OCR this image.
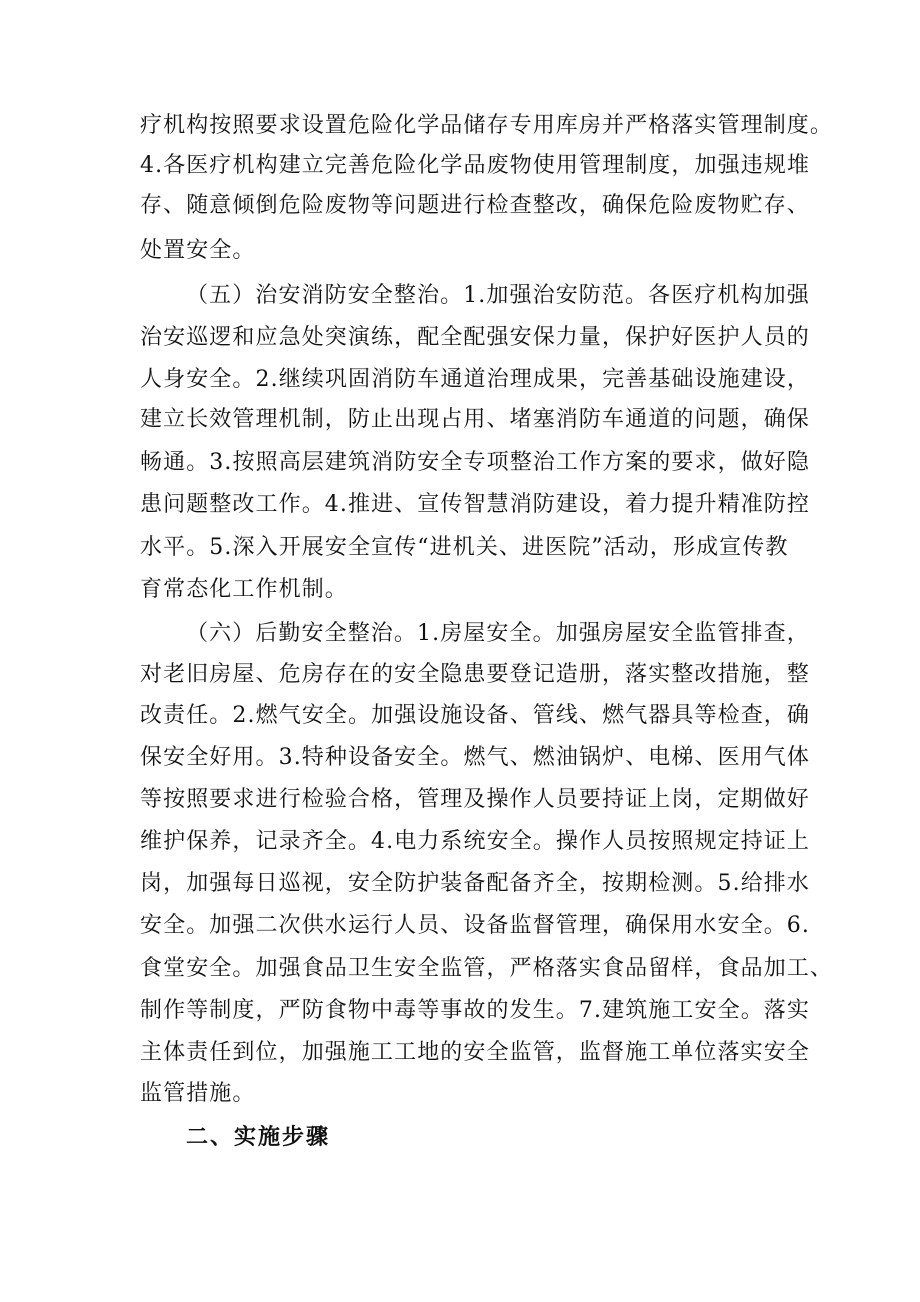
疗机构按照要求设置危险化学品储存专用库房并严格落实管理制度。

4.各医疗机构建立完善危险化学品废物使用管理制度，加强违规堆

存、随意倾倒危险废物等问题进行检查整改，确保危险废物贮存、

处置安全。

（五）治安消防安全整治。1.加强治安防范。各医疗机构加强

治安巡逻和应急处突演练，配全配强安保力量，保护好医护人员的

人身安全。2.继续巩固消防车通道治理成果，完善基础设施建设，

建立长效管理机制，防止出现占用、堵塞消防车通道的问题，确保

畅通。3.按照高层建筑消防安全专项整治工作方案的要求，做好隐

患问题整改工作。4.推进、宣传智慧消防建设，着力提升精准防控

水平。5.深入开展安全宣传“进机关、进医院”活动，形成宣传教

育常态化工作机制。

（六）后勤安全整治。1.房屋安全。加强房屋安全监管排查，

对老旧房屋、危房存在的安全隐患要登记造册，落实整改措施，整

改责任。2.燃气安全。加强设施设备、管线、燃气器具等检查，确

保安全好用。3.特种设备安全。燃气、燃油锅炉、电梯、医用气体

等按照要求进行检验合格，管理及操作人员要持证上岗，定期做好

维护保养，记录齐全。4.电力系统安全。操作人员按照规定持证上

岗，加强每日巡视，安全防护装备配备齐全，按期检测。5.给排水

安全。加强二次供水运行人员、设备监督管理，确保用水安全。6.

食堂安全。加强食品卫生安全监管，严格落实食品留样，食品加工、

制作等制度，严防食物中毒等事故的发生。7.建筑施工安全。落实

主体责任到位，加强施工工地的安全监管，监督施工单位落实安全

监管措施。

二、实施步骤
